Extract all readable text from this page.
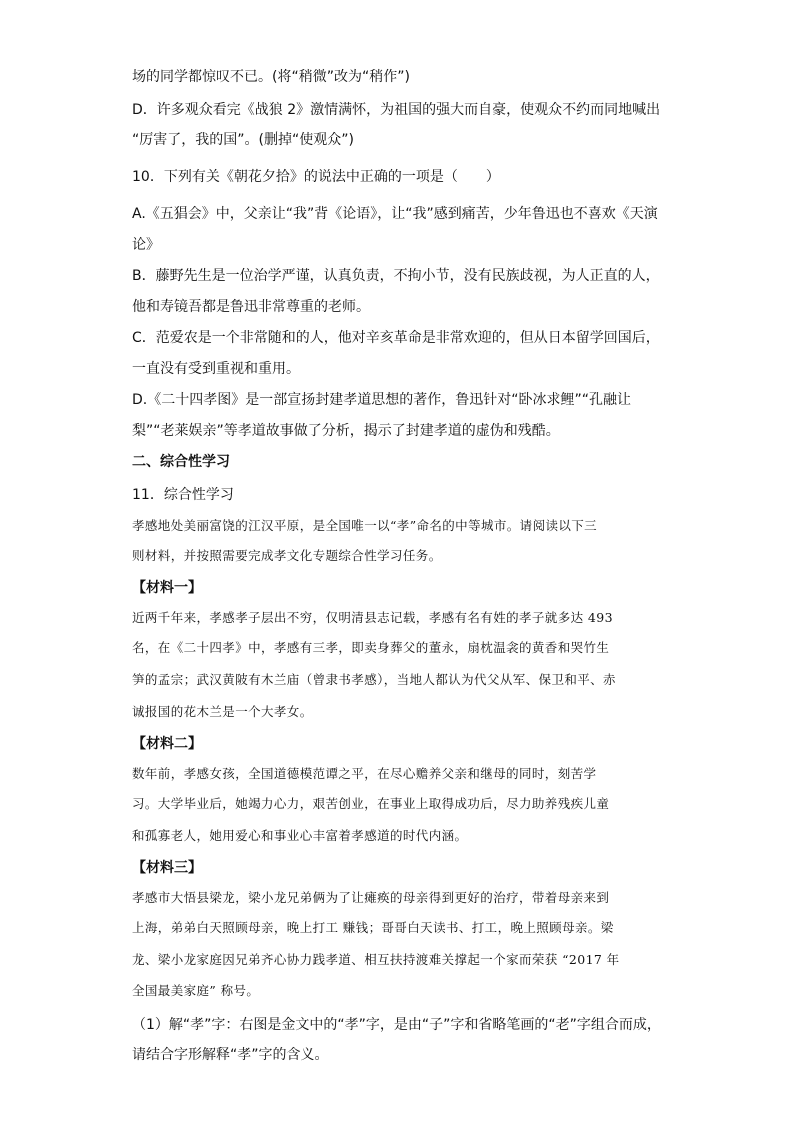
场的同学都惊叹不已。(将“稍微”改为“稍作”)
D．许多观众看完《战狼 2》激情满怀，为祖国的强大而自豪，使观众不约而同地喊出
“厉害了，我的国”。(删掉“使观众”)
10．下列有关《朝花夕拾》的说法中正确的一项是（　　）
A.《五猖会》中，父亲让“我”背《论语》，让“我”感到痛苦，少年鲁迅也不喜欢《天演
论》
B．藤野先生是一位治学严谨，认真负责，不拘小节，没有民族歧视，为人正直的人，
他和寿镜吾都是鲁迅非常尊重的老师。
C．范爱农是一个非常随和的人，他对辛亥革命是非常欢迎的，但从日本留学回国后，
一直没有受到重视和重用。
D.《二十四孝图》是一部宣扬封建孝道思想的著作，鲁迅针对“卧冰求鲤”“孔融让
梨”“老莱娱亲”等孝道故事做了分析，揭示了封建孝道的虚伪和残酷。
二、综合性学习
11．综合性学习
孝感地处美丽富饶的江汉平原，是全国唯一以“孝”命名的中等城市。请阅读以下三
则材料，并按照需要完成孝文化专题综合性学习任务。
【材料一】
近两千年来，孝感孝子层出不穷，仅明清县志记载，孝感有名有姓的孝子就多达 493
名，在《二十四孝》中，孝感有三孝，即卖身葬父的董永，扇枕温衾的黄香和哭竹生
笋的孟宗；武汉黄陂有木兰庙（曾隶书孝感），当地人都认为代父从军、保卫和平、赤
诚报国的花木兰是一个大孝女。
【材料二】
数年前，孝感女孩，全国道德模范谭之平，在尽心赡养父亲和继母的同时，刻苦学
习。大学毕业后，她竭力心力，艰苦创业，在事业上取得成功后，尽力助养残疾儿童
和孤寡老人，她用爱心和事业心丰富着孝感道的时代内涵。
【材料三】
孝感市大悟县梁龙，梁小龙兄弟俩为了让瘫痪的母亲得到更好的治疗，带着母亲来到
上海，弟弟白天照顾母亲，晚上打工 赚钱；哥哥白天读书、打工，晚上照顾母亲。梁
龙、梁小龙家庭因兄弟齐心协力践孝道、相互扶持渡难关撑起一个家而荣获 “2017 年
全国最美家庭” 称号。
（1）解“孝”字：右图是金文中的“孝”字，是由“子”字和省略笔画的“老”字组合而成，
请结合字形解释“孝”字的含义。
